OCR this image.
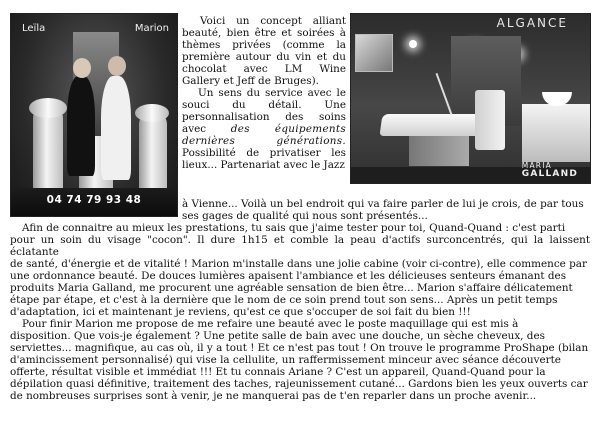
Leïla	Marion
04 74 79 93 48

Voici un concept alliant beauté, bien être et soirées à thèmes privées (comme la première autour du vin et du chocolat avec LM Wine Gallery et Jeff de Bruges).

Un sens du service avec le souci du détail. Une personnalisation des soins avec des équipements dernières générations. Possibilité de privatiser les lieux... Partenariat avec le Jazz

ALGANCE
MARIA
GALLAND
à Vienne... Voilà un bel endroit qui va faire parler de lui je crois, de par tous
ses gages de qualité qui nous sont présentés...
Afin de connaitre au mieux les prestations, tu sais que j'aime tester pour toi, Quand-Quand : c'est parti
pour un soin du visage "cocon". Il dure 1h15 et comble la peau d'actifs surconcentrés, qui la laissent éclatante
de santé, d'énergie et de vitalité ! Marion m'installe dans une jolie cabine (voir ci-contre), elle commence par
une ordonnance beauté. De douces lumières apaisent l'ambiance et les délicieuses senteurs émanant des
produits Maria Galland, me procurent une agréable sensation de bien être... Marion s'affaire délicatement
étape par étape, et c'est à la dernière que le nom de ce soin prend tout son sens... Après un petit temps
d'adaptation, ici et maintenant je reviens, qu'est ce que s'occuper de soi fait du bien !!!
Pour finir Marion me propose de me refaire une beauté avec le poste maquillage qui est mis à
disposition. Que vois-je également ? Une petite salle de bain avec une douche, un sèche cheveux, des
serviettes... magnifique, au cas où, il y a tout ! Et ce n'est pas tout ! On trouve le programme ProShape (bilan
d'amincissement personnalisé) qui vise la cellulite, un raffermissement minceur avec séance découverte
offerte, résultat visible et immédiat !!! Et tu connais Ariane ? C'est un appareil, Quand-Quand pour la
dépilation quasi définitive, traitement des taches, rajeunissement cutané... Gardons bien les yeux ouverts car
de nombreuses surprises sont à venir, je ne manquerai pas de t'en reparler dans un proche avenir...
